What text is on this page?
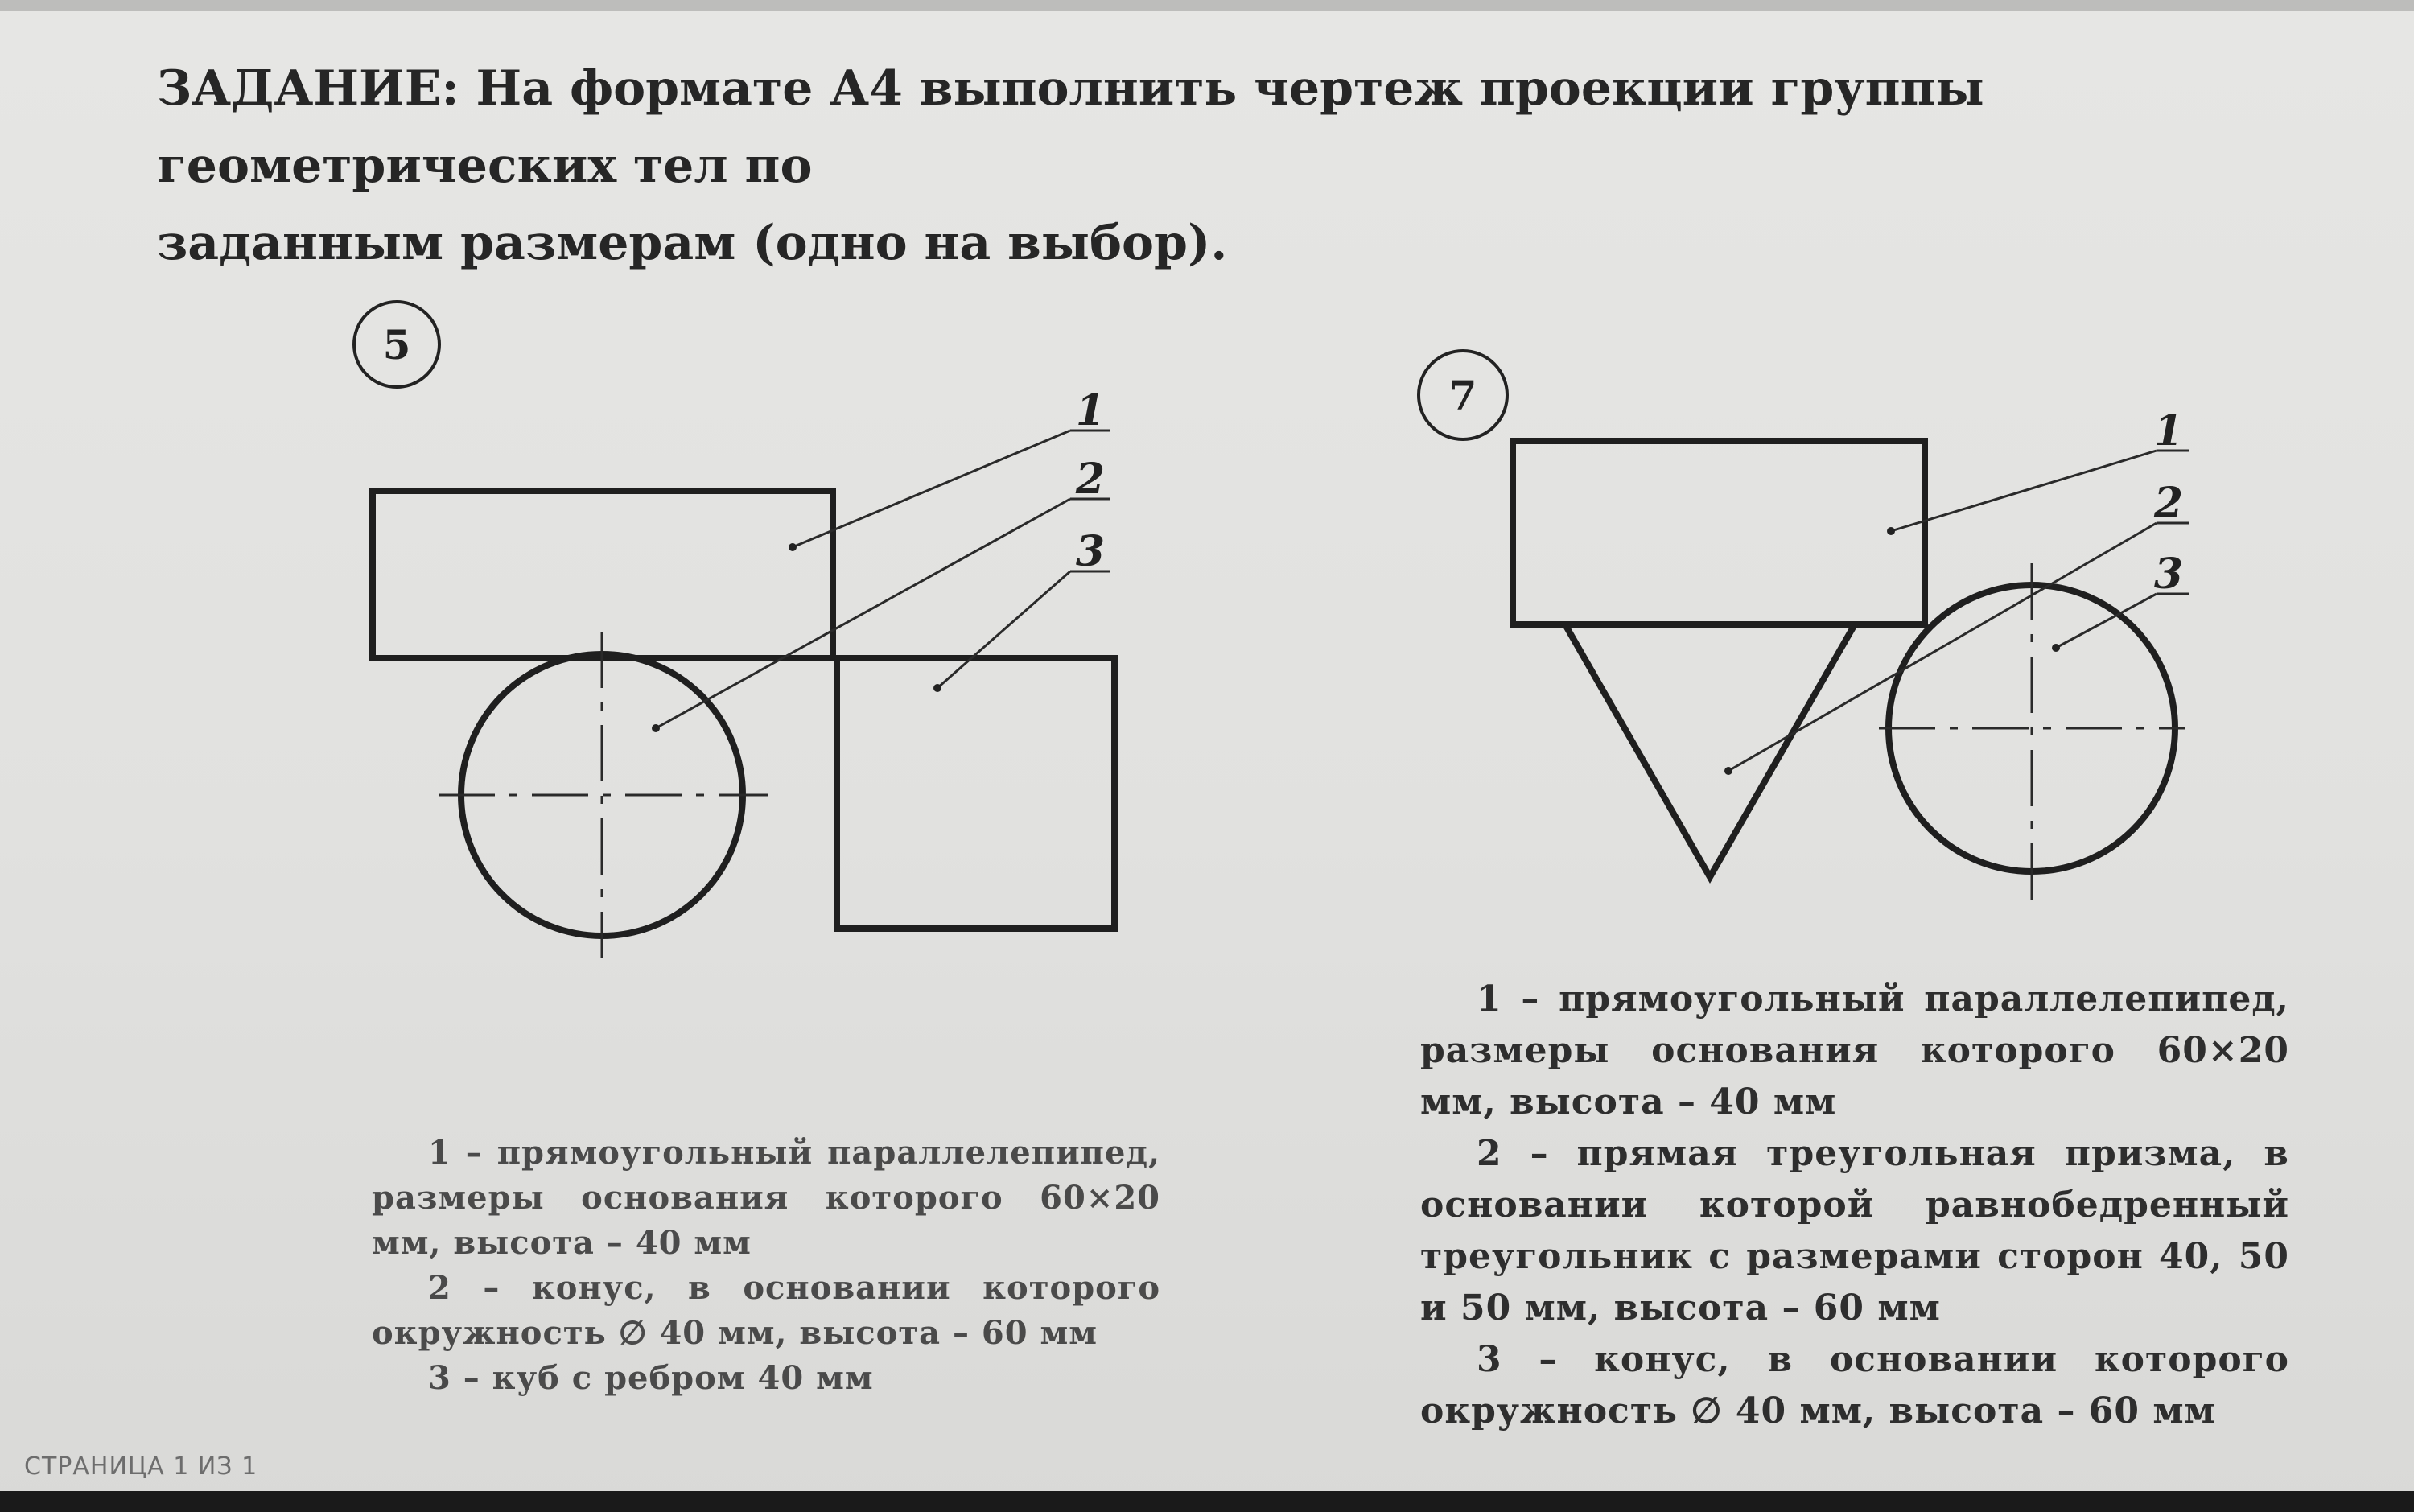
ЗАДАНИЕ: На формате А4 выполнить чертеж проекции группы геометрических тел по
заданным размерам (одно на выбор).
5
1
2
3
7
1
2
3

1 – прямоугольный параллелепипед, размеры основания которого 60×20 мм, высота – 40 мм

2 – конус, в основании которого окружность ∅ 40 мм, высота – 60 мм

3 – куб с ребром 40 мм

1 – прямоугольный параллелепипед, размеры основания которого 60×20 мм, высота – 40 мм

2 – прямая треугольная призма, в основании которой равнобедренный треугольник с размерами сторон 40, 50 и 50 мм, высота – 60 мм

3 – конус, в основании которого окружность ∅ 40 мм, высота – 60 мм

СТРАНИЦА 1 ИЗ 1
